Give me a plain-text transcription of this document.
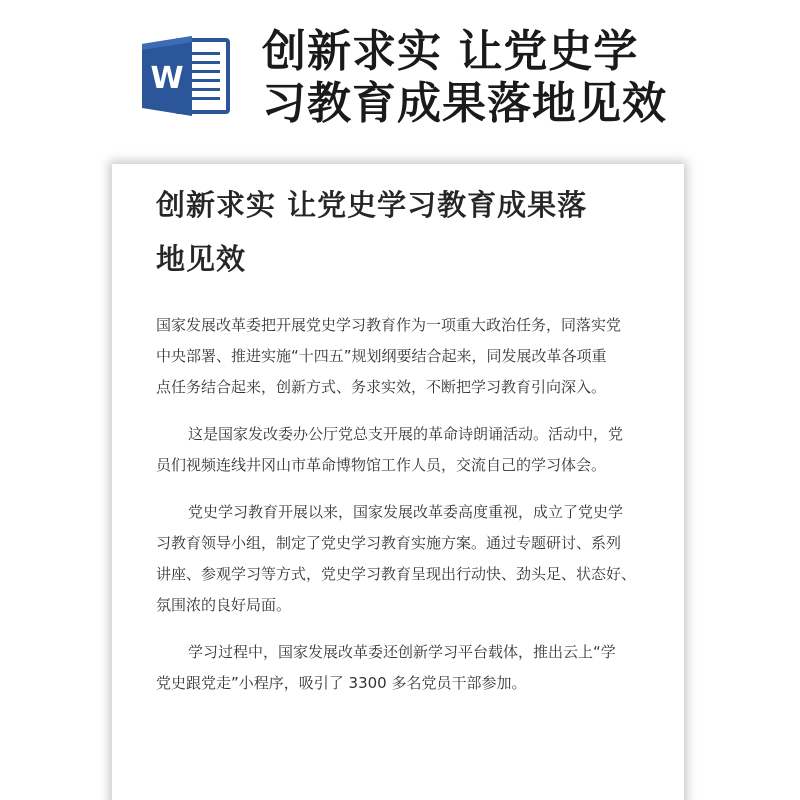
W
创新求实 让党史学
习教育成果落地见效
创新求实 让党史学习教育成果落
地见效
国家发展改革委把开展党史学习教育作为一项重大政治任务，同落实党
中央部署、推进实施“十四五”规划纲要结合起来，同发展改革各项重
点任务结合起来，创新方式、务求实效，不断把学习教育引向深入。
这是国家发改委办公厅党总支开展的革命诗朗诵活动。活动中，党
员们视频连线井冈山市革命博物馆工作人员，交流自己的学习体会。
党史学习教育开展以来，国家发展改革委高度重视，成立了党史学
习教育领导小组，制定了党史学习教育实施方案。通过专题研讨、系列
讲座、参观学习等方式，党史学习教育呈现出行动快、劲头足、状态好、
氛围浓的良好局面。
学习过程中，国家发展改革委还创新学习平台载体，推出云上“学
党史跟党走”小程序，吸引了 3300 多名党员干部参加。
